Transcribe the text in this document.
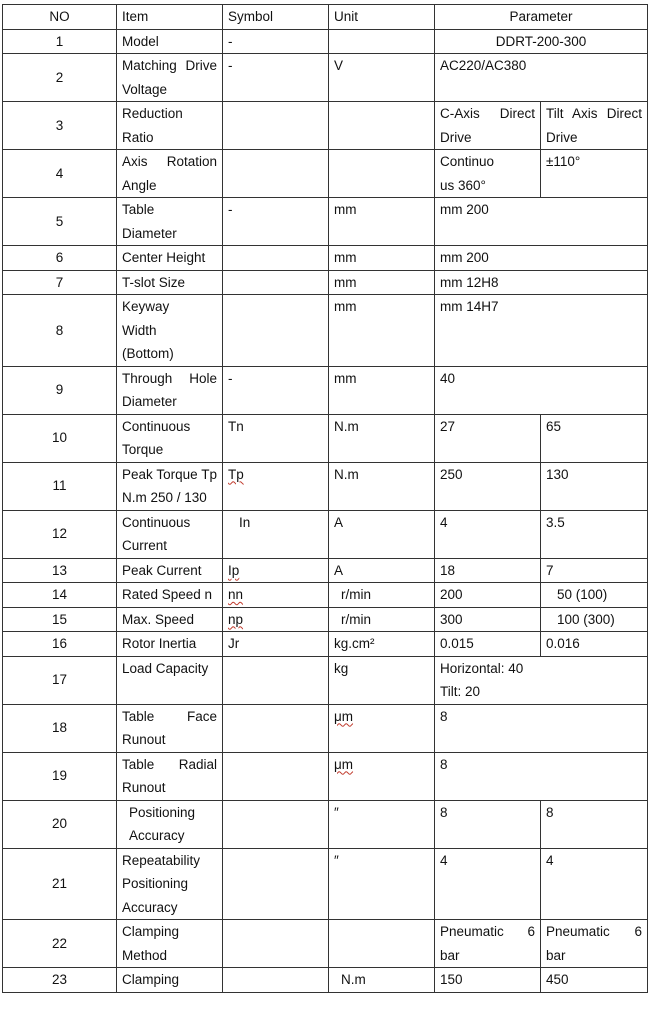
NO	Item	Symbol	Unit	Parameter	
1	Model	-		DDRT-200-300	
2	Matching Drive Voltage	-	V	AC220/AC380	
3	Reduction Ratio			C-Axis Direct Drive	Tilt Axis Direct Drive
4	Axis Rotation Angle			Continuous 360°	±110°
5	Table Diameter	-	mm	mm 200	
6	Center Height		mm	mm 200	
7	T-slot Size		mm	mm 12H8	
8	Keyway Width (Bottom)		mm	mm 14H7	
9	Through Hole Diameter	-	mm	40	
10	Continuous Torque	Tn	N.m	27	65
11	Peak Torque Tp N.m 250 / 130	Tp	N.m	250	130
12	Continuous Current	In	A	4	3.5
13	Peak Current	Ip	A	18	7
14	Rated Speed n	nn	r/min	200	50 (100)
15	Max. Speed	np	r/min	300	100 (300)
16	Rotor Inertia	Jr	kg.cm²	0.015	0.016
17	Load Capacity		kg	Horizontal: 40
Tilt: 20	

18	Table Face Runout		μm	8	
19	Table Radial Runout		μm	8	
20	Positioning Accuracy		″	8	8
21	Repeatability Positioning Accuracy		″	4	4
22	Clamping Method			Pneumatic 6 bar	Pneumatic 6 bar
23	Clamping		N.m	150	450
